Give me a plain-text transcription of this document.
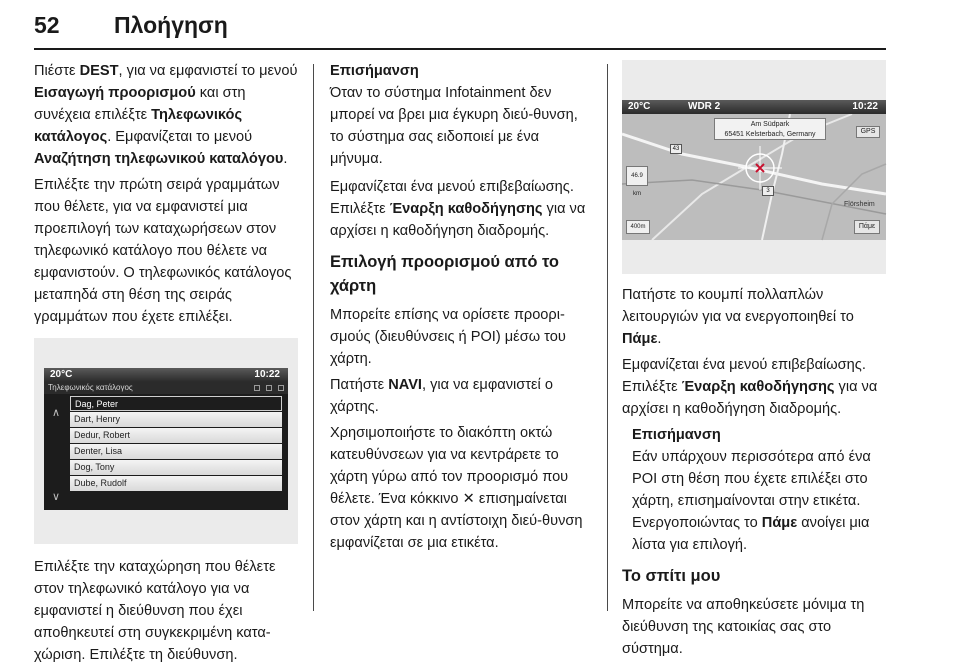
52 Πλοήγηση

Πιέστε DEST, για να εμφανιστεί το μενού Εισαγωγή προορισμού και στη συνέχεια επιλέξτε Τηλεφωνικός κατάλογος. Εμφανίζεται το μενού Αναζήτηση τηλεφωνικού καταλόγου.

Επιλέξτε την πρώτη σειρά γραμμάτων που θέλετε, για να εμφανιστεί μια προεπιλογή των καταχωρήσεων στον τηλεφωνικό κατάλογο που θέλετε να εμφανιστούν. Ο τηλεφωνικός κατάλογος μεταπηδά στη θέση της σειράς γραμμάτων που έχετε επιλέξει.

20°C	10:22
Τηλεφωνικός κατάλογος
∧
∨
Dag, Peter
Dart, Henry
Dedur, Robert
Denter, Lisa
Dog, Tony
Dube, Rudolf

Επιλέξτε την καταχώρηση που θέλετε στον τηλεφωνικό κατάλογο για να εμφανιστεί η διεύθυνση που έχει αποθηκευτεί στη συγκεκριμένη κατα-χώριση. Επιλέξτε τη διεύθυνση.

Επισήμανση
Όταν το σύστημα Infotainment δεν μπορεί να βρει μια έγκυρη διεύ-θυνση, το σύστημα σας ειδοποιεί με ένα μήνυμα.

Εμφανίζεται ένα μενού επιβεβαίωσης. Επιλέξτε Έναρξη καθοδήγησης για να αρχίσει η καθοδήγηση διαδρομής.

Επιλογή προορισμού από το χάρτη

Μπορείτε επίσης να ορίσετε προορι-σμούς (διευθύνσεις ή POI) μέσω του χάρτη.

Πατήστε NAVI, για να εμφανιστεί ο χάρτης.

Χρησιμοποιήστε το διακόπτη οκτώ κατευθύνσεων για να κεντράρετε το χάρτη γύρω από τον προορισμό που θέλετε. Ένα κόκκινο ✕ επισημαίνεται στον χάρτη και η αντίστοιχη διεύ-θυνση εμφανίζεται σε μια ετικέτα.

43
3
Flörsheim
20°C	WDR 2	10:22
Am Südpark
65451 Kelsterbach, Germany	GPS
46.9 km
400m	Πάμε

Πατήστε το κουμπί πολλαπλών λειτουργιών για να ενεργοποιηθεί το Πάμε.

Εμφανίζεται ένα μενού επιβεβαίωσης. Επιλέξτε Έναρξη καθοδήγησης για να αρχίσει η καθοδήγηση διαδρομής.

Επισήμανση
Εάν υπάρχουν περισσότερα από ένα POI στη θέση που έχετε επιλέξει στο χάρτη, επισημαίνονται στην ετικέτα. Ενεργοποιώντας το Πάμε ανοίγει μια λίστα για επιλογή.
Το σπίτι μου

Μπορείτε να αποθηκεύσετε μόνιμα τη διεύθυνση της κατοικίας σας στο σύστημα.
